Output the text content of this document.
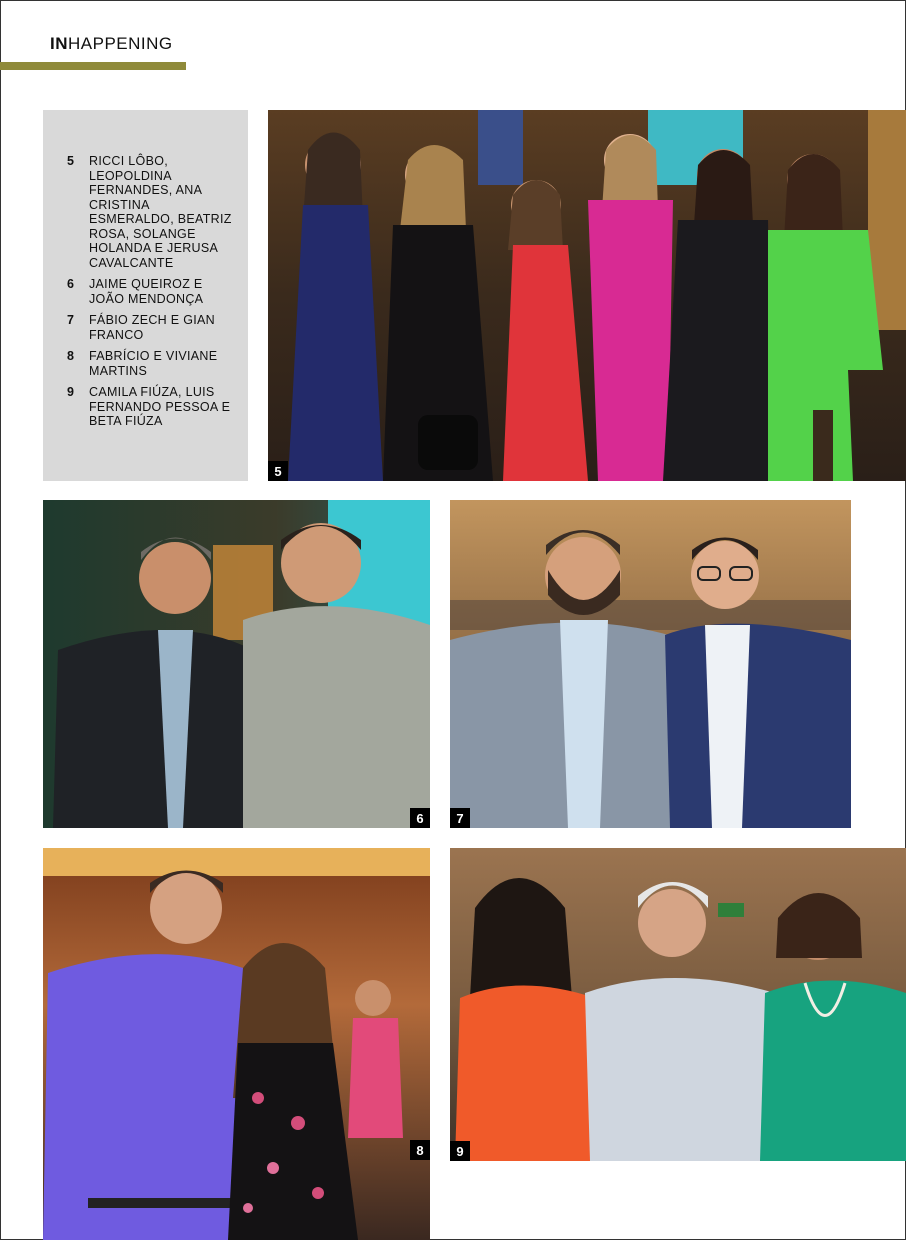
INHAPPENING
5	RICCI LÔBO, LEOPOLDINA FERNANDES, ANA CRISTINA ESMERALDO, BEATRIZ ROSA, SOLANGE HOLANDA E JERUSA CAVALCANTE
6	JAIME QUEIROZ E JOÃO MENDONÇA
7	FÁBIO ZECH E GIAN FRANCO
8	FABRÍCIO E VIVIANE MARTINS
9	CAMILA FIÚZA, LUIS FERNANDO PESSOA E BETA FIÚZA
5
6	7
8	9
